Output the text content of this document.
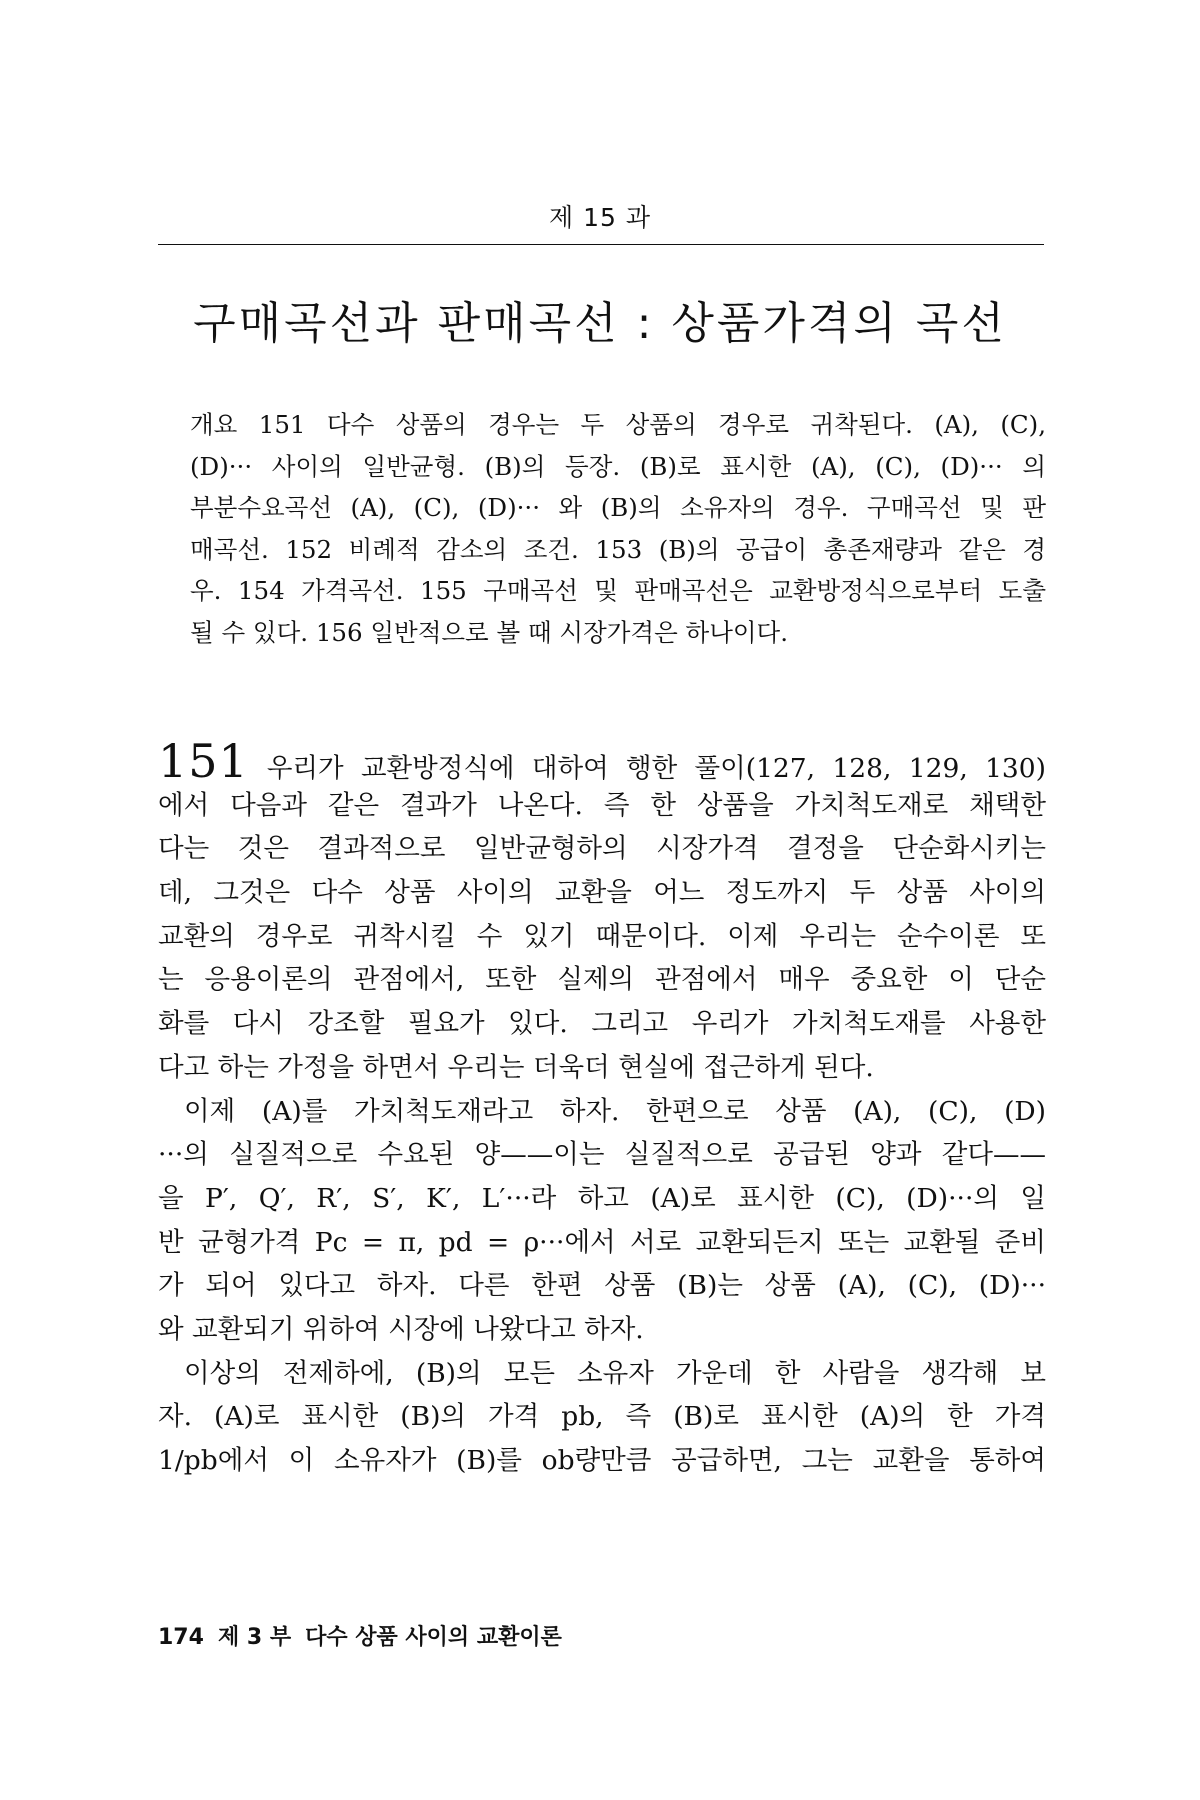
제 15 과
구매곡선과 판매곡선 : 상품가격의 곡선
개요 151 다수 상품의 경우는 두 상품의 경우로 귀착된다. (A), (C),
(D)··· 사이의 일반균형. (B)의 등장. (B)로 표시한 (A), (C), (D)··· 의
부분수요곡선 (A), (C), (D)··· 와 (B)의 소유자의 경우. 구매곡선 및 판
매곡선. 152 비례적 감소의 조건. 153 (B)의 공급이 총존재량과 같은 경
우. 154 가격곡선. 155 구매곡선 및 판매곡선은 교환방정식으로부터 도출
될 수 있다. 156 일반적으로 볼 때 시장가격은 하나이다.
151 우리가 교환방정식에 대하여 행한 풀이(127, 128, 129, 130)
에서 다음과 같은 결과가 나온다. 즉 한 상품을 가치척도재로 채택한
다는 것은 결과적으로 일반균형하의 시장가격 결정을 단순화시키는
데, 그것은 다수 상품 사이의 교환을 어느 정도까지 두 상품 사이의
교환의 경우로 귀착시킬 수 있기 때문이다. 이제 우리는 순수이론 또
는 응용이론의 관점에서, 또한 실제의 관점에서 매우 중요한 이 단순
화를 다시 강조할 필요가 있다. 그리고 우리가 가치척도재를 사용한
다고 하는 가정을 하면서 우리는 더욱더 현실에 접근하게 된다.
이제 (A)를 가치척도재라고 하자. 한편으로 상품 (A), (C), (D)
···의 실질적으로 수요된 양——이는 실질적으로 공급된 양과 같다——
을 P′, Q′, R′, S′, K′, L′···라 하고 (A)로 표시한 (C), (D)···의 일
반 균형가격 Pc = π, pd = ρ···에서 서로 교환되든지 또는 교환될 준비
가 되어 있다고 하자. 다른 한편 상품 (B)는 상품 (A), (C), (D)···
와 교환되기 위하여 시장에 나왔다고 하자.
이상의 전제하에, (B)의 모든 소유자 가운데 한 사람을 생각해 보
자. (A)로 표시한 (B)의 가격 pb, 즉 (B)로 표시한 (A)의 한 가격
1/pb에서 이 소유자가 (B)를 ob량만큼 공급하면, 그는 교환을 통하여
174 제 3 부 다수 상품 사이의 교환이론
